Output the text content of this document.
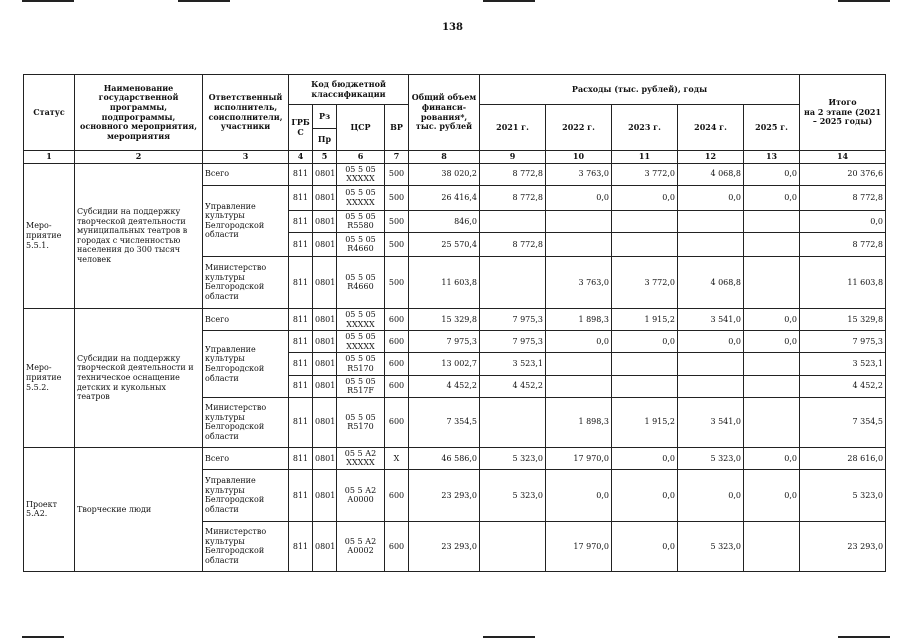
138
Статус	Наименование государственной программы, подпрограммы, основного мероприятия, мероприятия	Ответственный исполнитель, соисполнители, участники	Код бюджетной классификации				Общий объем финанси-рования*, тыс. рублей	Расходы (тыс. рублей), годы					Итого
на 2 этапе (2021 – 2025 годы)
			ГРБ С	Рз	ЦСР	ВР		2021 г.	2022 г.	2023 г.	2024 г.	2025 г.	
				Пр									
1	2	3	4	5	6	7	8	9	10	11	12	13	14
Меро-приятие 5.5.1.	Субсидии на поддержку творческой деятельности муниципальных театров в городах с численностью населения до 300 тысяч человек	Всего	811	0801	05 5 05 XXXXX	500	38 020,2	8 772,8	3 763,0	3 772,0	4 068,8	0,0	20 376,6
		Управление культуры Белгородской области	811	0801	05 5 05 XXXXX	500	26 416,4	8 772,8	0,0	0,0	0,0	0,0	8 772,8
			811	0801	05 5 05 R5580	500	846,0						0,0
			811	0801	05 5 05 R4660	500	25 570,4	8 772,8					8 772,8
		Министерство культуры Белгородской области	811	0801	05 5 05 R4660	500	11 603,8		3 763,0	3 772,0	4 068,8		11 603,8
Меро-приятие 5.5.2.	Субсидии на поддержку творческой деятельности и техническое оснащение детских и кукольных театров	Всего	811	0801	05 5 05 XXXXX	600	15 329,8	7 975,3	1 898,3	1 915,2	3 541,0	0,0	15 329,8
		Управление культуры Белгородской области	811	0801	05 5 05 XXXXX	600	7 975,3	7 975,3	0,0	0,0	0,0	0,0	7 975,3
			811	0801	05 5 05 R5170	600	13 002,7	3 523,1					3 523,1
			811	0801	05 5 05 R517F	600	4 452,2	4 452,2					4 452,2
		Министерство культуры Белгородской области	811	0801	05 5 05 R5170	600	7 354,5		1 898,3	1 915,2	3 541,0		7 354,5
Проект 5.А2.	Творческие люди	Всего	811	0801	05 5 А2 XXXXX	X	46 586,0	5 323,0	17 970,0	0,0	5 323,0	0,0	28 616,0
		Управление культуры Белгородской области	811	0801	05 5 А2 А0000	600	23 293,0	5 323,0	0,0	0,0	0,0	0,0	5 323,0
		Министерство культуры Белгородской области	811	0801	05 5 А2 А0002	600	23 293,0		17 970,0	0,0	5 323,0		23 293,0
